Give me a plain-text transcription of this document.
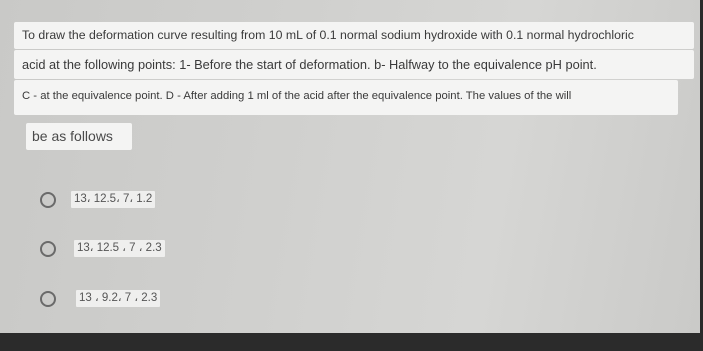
To draw the deformation curve resulting from 10 mL of 0.1 normal sodium hydroxide with 0.1 normal hydrochloric
acid at the following points: 1- Before the start of deformation. b- Halfway to the equivalence pH point.
C - at the equivalence point. D - After adding 1 ml of the acid after the equivalence point. The values of the will
be as follows
13، 12.5، 7، 1.2
13، 12.5 ، 7 ، 2.3
13 ، 9.2، 7 ، 2.3
